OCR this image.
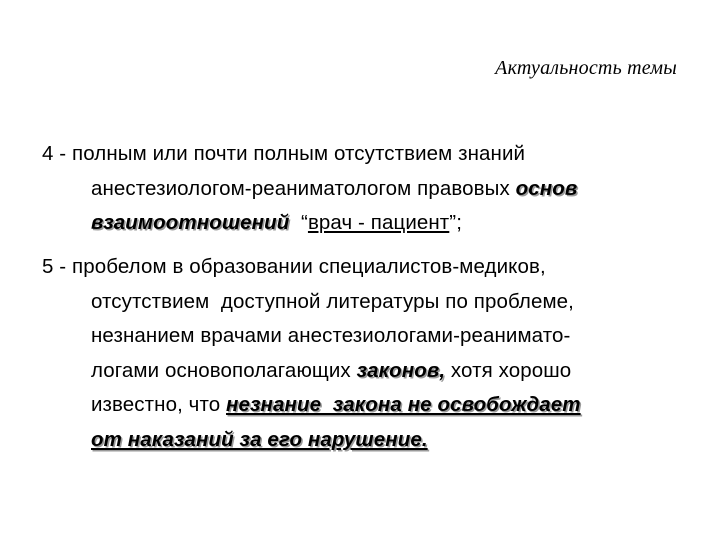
Актуальность темы
4 - полным или почти полным отсутствием знаний
анестезиологом-реаниматологом правовых основ
взаимоотношений  “врач - пациент”;
5 - пробелом в образовании специалистов-медиков,
отсутствием  доступной литературы по проблеме,
незнанием врачами анестезиологами-реанимато-
логами основополагающих законов, хотя хорошо
известно, что незнание  закона не освобождает
от наказаний за его нарушение.
